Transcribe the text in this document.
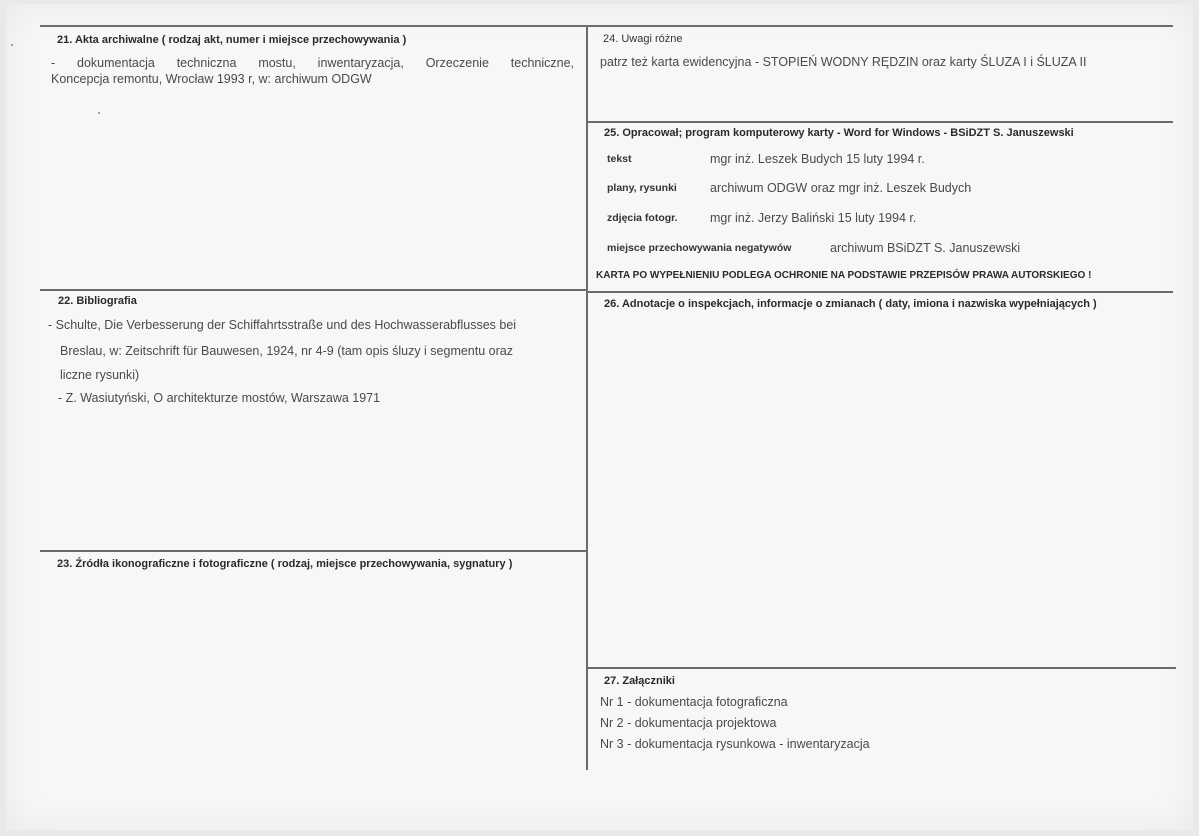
21. Akta archiwalne ( rodzaj akt, numer i miejsce przechowywania )
- dokumentacja techniczna mostu, inwentaryzacja, Orzeczenie techniczne,
Koncepcja remontu, Wrocław 1993 r, w: archiwum ODGW
22. Bibliografia
- Schulte, Die Verbesserung der Schiffahrtsstraße und des Hochwasserabflusses bei
Breslau, w: Zeitschrift für Bauwesen, 1924, nr 4-9 (tam opis śluzy i segmentu oraz
liczne rysunki)
- Z. Wasiutyński, O architekturze mostów, Warszawa 1971
23. Źródła ikonograficzne i fotograficzne ( rodzaj, miejsce przechowywania, sygnatury )
24. Uwagi różne
patrz też karta ewidencyjna - STOPIEŃ WODNY RĘDZIN oraz karty ŚLUZA I i ŚLUZA II
25. Opracował; program komputerowy karty - Word for Windows - BSiDZT S. Januszewski
tekst	mgr inż. Leszek Budych 15 luty 1994 r.
plany, rysunki	archiwum ODGW oraz mgr inż. Leszek Budych
zdjęcia fotogr.	mgr inż. Jerzy Baliński 15 luty 1994 r.
miejsce przechowywania negatywów	archiwum BSiDZT S. Januszewski
KARTA PO WYPEŁNIENIU PODLEGA OCHRONIE NA PODSTAWIE PRZEPISÓW PRAWA AUTORSKIEGO !
26. Adnotacje o inspekcjach, informacje o zmianach ( daty, imiona i nazwiska wypełniających )
27. Załączniki
Nr 1 - dokumentacja fotograficzna
Nr 2 - dokumentacja projektowa
Nr 3 - dokumentacja rysunkowa - inwentaryzacja
